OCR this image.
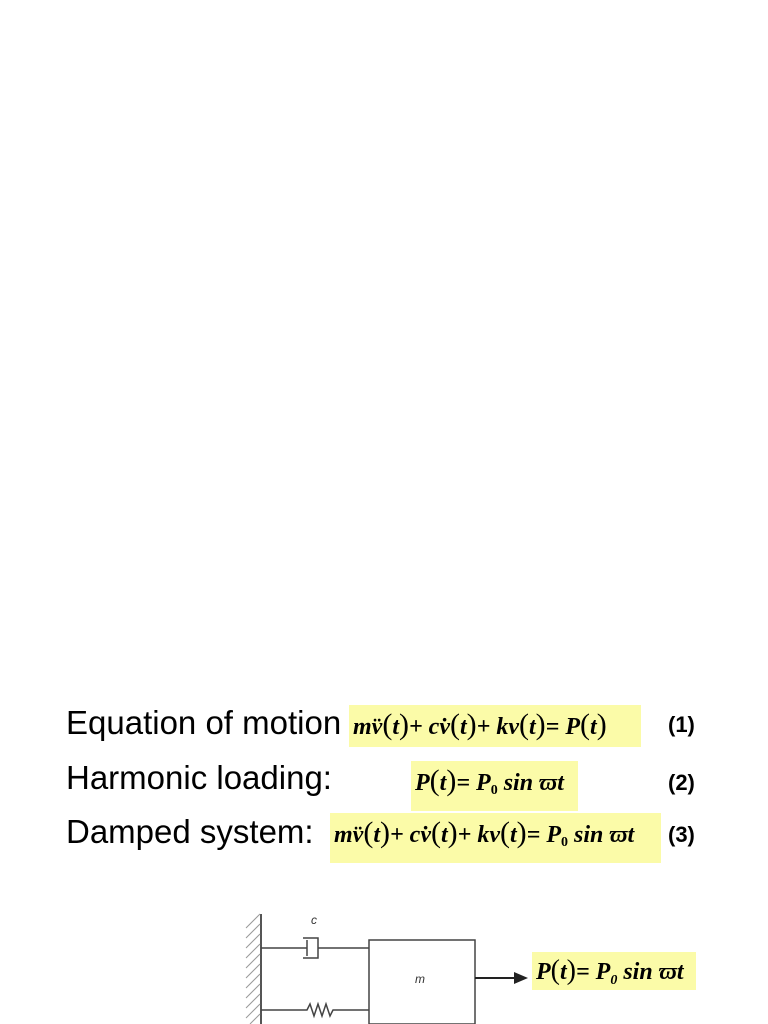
Equation of motion mv̈(t)+ cv̇(t)+ kv(t)= P(t)	(1)
Harmonic loading:	$P(t)= P_0$ sin ϖt	(2)
Damped system: mv̈(t)+ cv̇(t)+ $kv(t)= P_0$ sin ϖt	(3)
c
m	$P(t)= P_0$ sin ϖt
